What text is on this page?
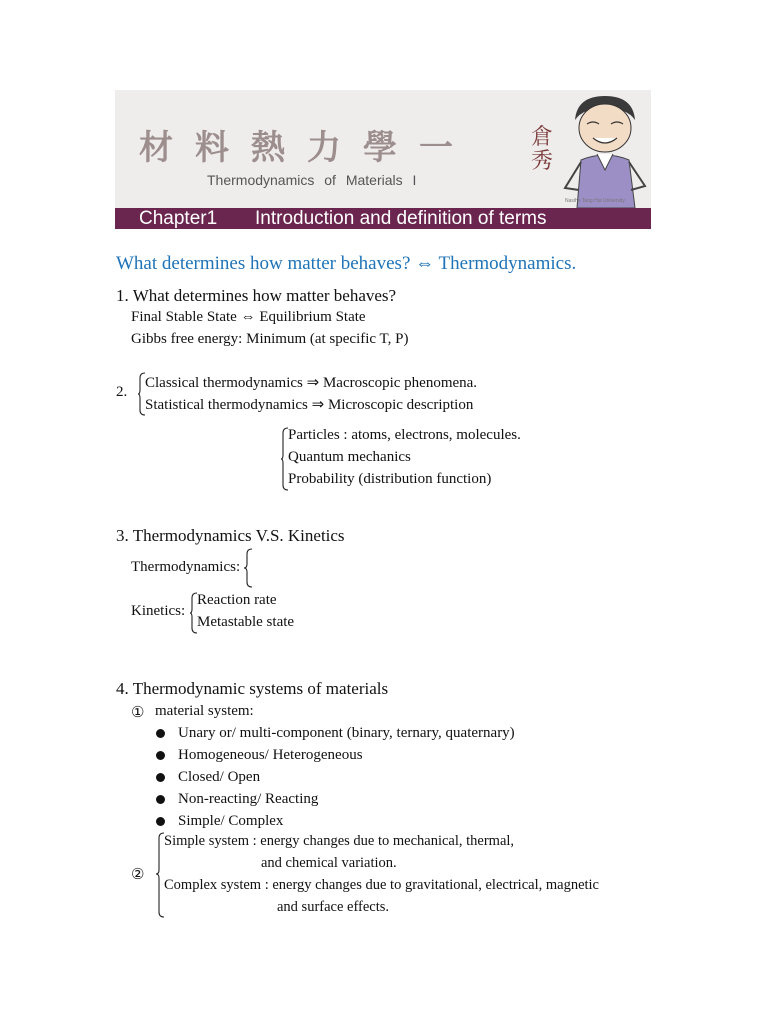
材料熱力學一
Thermodynamics of Materials I
倉
秀
Nasihe Tang Hui University
Chapter1 Introduction and definition of terms
What determines how matter behaves? ⇔ Thermodynamics.
1. What determines how matter behaves?
Final Stable State ⇔ Equilibrium State
Gibbs free energy: Minimum (at specific T, P)
2.
Classical thermodynamics ⇒ Macroscopic phenomena.
Statistical thermodynamics ⇒ Microscopic description
Particles : atoms, electrons, molecules.
Quantum mechanics
Probability (distribution function)
3. Thermodynamics V.S. Kinetics
Thermodynamics:
Kinetics:
Reaction rate
Metastable state
4. Thermodynamic systems of materials
① material system:
Unary or/ multi-component (binary, ternary, quaternary)
Homogeneous/ Heterogeneous
Closed/ Open
Non-reacting/ Reacting
Simple/ Complex
②
Simple system : energy changes due to mechanical, thermal,
and chemical variation.
Complex system : energy changes due to gravitational, electrical, magnetic
and surface effects.
